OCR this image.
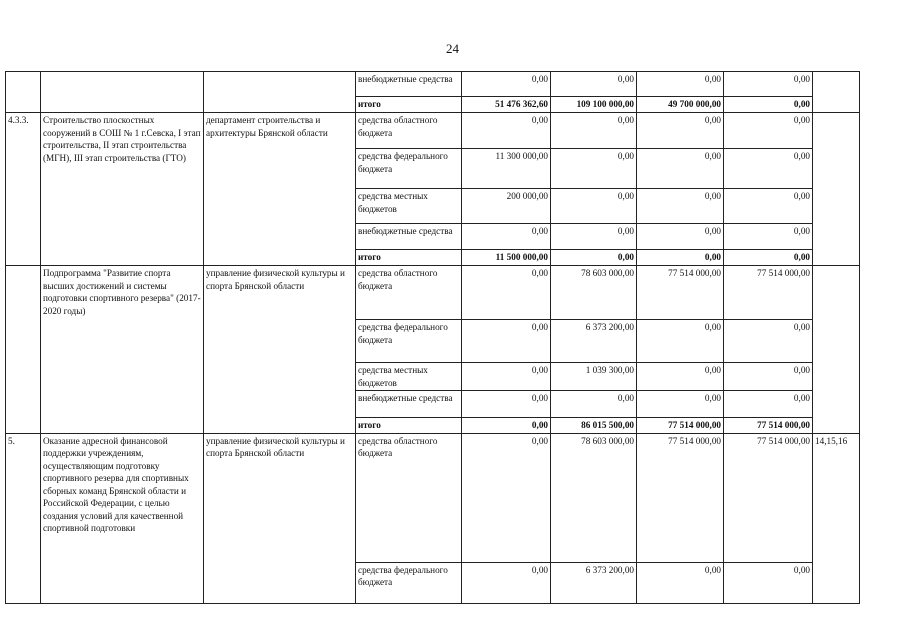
24
			внебюджетные средства	0,00	0,00	0,00	0,00	
			итого	51 476 362,60	109 100 000,00	49 700 000,00	0,00	
4.3.3.	Строительство плоскостных сооружений в СОШ № 1 г.Севска, I этап строительства, II этап строительства (МГН), III этап строительства (ГТО)	департамент строительства и архитектуры Брянской области	средства областного бюджета	0,00	0,00	0,00	0,00	
			средства федерального бюджета	11 300 000,00	0,00	0,00	0,00	
			средства местных бюджетов	200 000,00	0,00	0,00	0,00	
			внебюджетные средства	0,00	0,00	0,00	0,00	
			итого	11 500 000,00	0,00	0,00	0,00	
	Подпрограмма "Развитие спорта высших достижений и системы подготовки спортивного резерва" (2017-2020 годы)	управление физической культуры и спорта Брянской области	средства областного бюджета	0,00	78 603 000,00	77 514 000,00	77 514 000,00	
			средства федерального бюджета	0,00	6 373 200,00	0,00	0,00	
			средства местных бюджетов	0,00	1 039 300,00	0,00	0,00	
			внебюджетные средства	0,00	0,00	0,00	0,00	
			итого	0,00	86 015 500,00	77 514 000,00	77 514 000,00	
5.	Оказание адресной финансовой поддержки учреждениям, осуществляющим подготовку спортивного резерва для спортивных сборных команд Брянской области и Российской Федерации, с целью создания условий для качественной спортивной подготовки	управление физической культуры и спорта Брянской области	средства областного бюджета	0,00	78 603 000,00	77 514 000,00	77 514 000,00	14,15,16
			средства федерального бюджета	0,00	6 373 200,00	0,00	0,00	
